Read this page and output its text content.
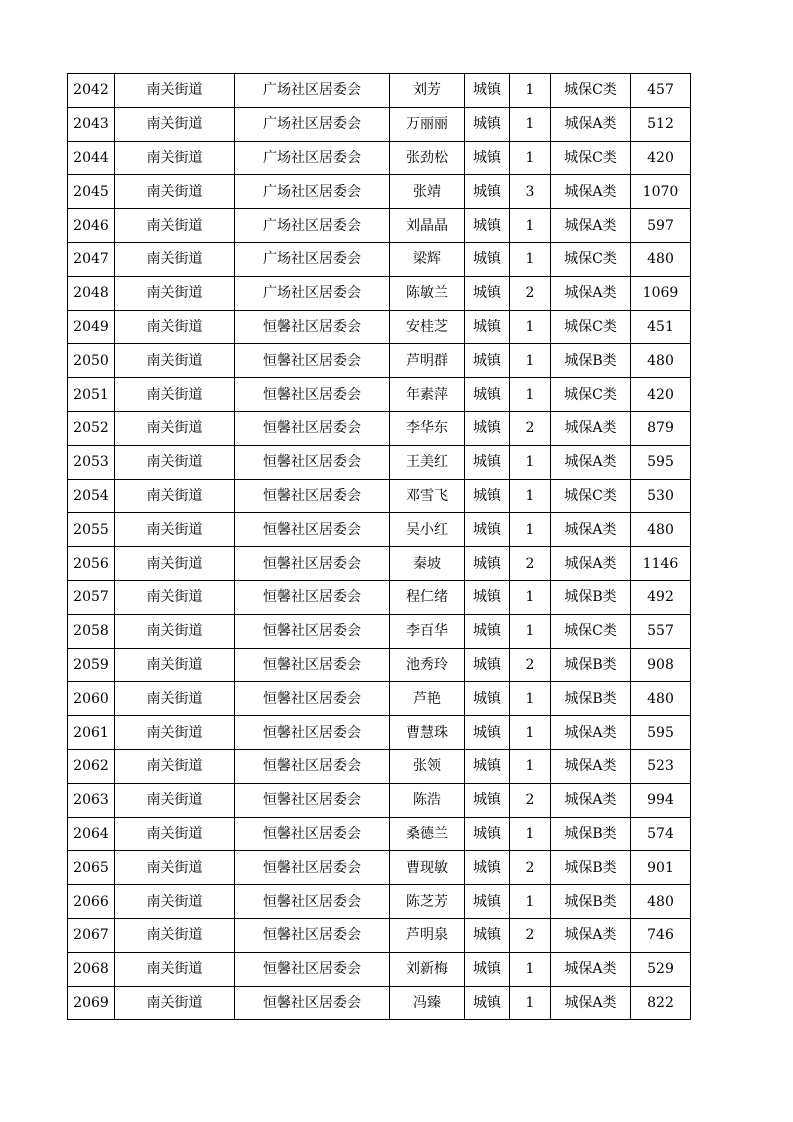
2042	南关街道	广场社区居委会	刘芳	城镇	1	城保C类	457
2043	南关街道	广场社区居委会	万丽丽	城镇	1	城保A类	512
2044	南关街道	广场社区居委会	张劲松	城镇	1	城保C类	420
2045	南关街道	广场社区居委会	张靖	城镇	3	城保A类	1070
2046	南关街道	广场社区居委会	刘晶晶	城镇	1	城保A类	597
2047	南关街道	广场社区居委会	梁辉	城镇	1	城保C类	480
2048	南关街道	广场社区居委会	陈敏兰	城镇	2	城保A类	1069
2049	南关街道	恒馨社区居委会	安桂芝	城镇	1	城保C类	451
2050	南关街道	恒馨社区居委会	芦明群	城镇	1	城保B类	480
2051	南关街道	恒馨社区居委会	年素萍	城镇	1	城保C类	420
2052	南关街道	恒馨社区居委会	李华东	城镇	2	城保A类	879
2053	南关街道	恒馨社区居委会	王美红	城镇	1	城保A类	595
2054	南关街道	恒馨社区居委会	邓雪飞	城镇	1	城保C类	530
2055	南关街道	恒馨社区居委会	吴小红	城镇	1	城保A类	480
2056	南关街道	恒馨社区居委会	秦坡	城镇	2	城保A类	1146
2057	南关街道	恒馨社区居委会	程仁绪	城镇	1	城保B类	492
2058	南关街道	恒馨社区居委会	李百华	城镇	1	城保C类	557
2059	南关街道	恒馨社区居委会	池秀玲	城镇	2	城保B类	908
2060	南关街道	恒馨社区居委会	芦艳	城镇	1	城保B类	480
2061	南关街道	恒馨社区居委会	曹慧珠	城镇	1	城保A类	595
2062	南关街道	恒馨社区居委会	张领	城镇	1	城保A类	523
2063	南关街道	恒馨社区居委会	陈浩	城镇	2	城保A类	994
2064	南关街道	恒馨社区居委会	桑德兰	城镇	1	城保B类	574
2065	南关街道	恒馨社区居委会	曹现敏	城镇	2	城保B类	901
2066	南关街道	恒馨社区居委会	陈芝芳	城镇	1	城保B类	480
2067	南关街道	恒馨社区居委会	芦明泉	城镇	2	城保A类	746
2068	南关街道	恒馨社区居委会	刘新梅	城镇	1	城保A类	529
2069	南关街道	恒馨社区居委会	冯臻	城镇	1	城保A类	822
